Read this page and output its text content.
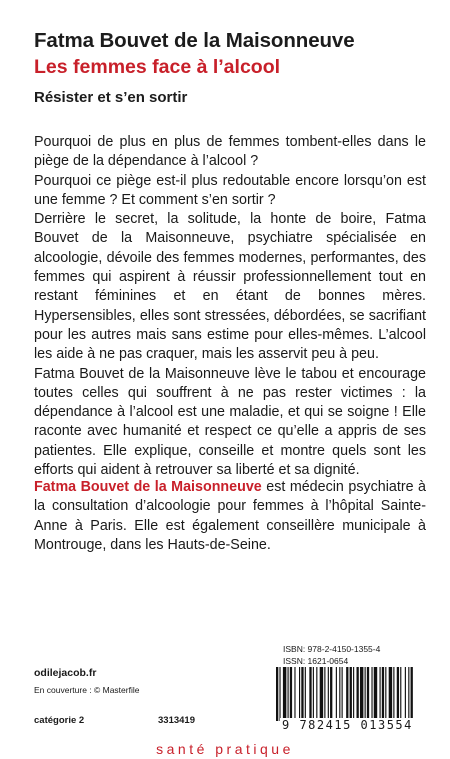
Fatma Bouvet de la Maisonneuve
Les femmes face à l’alcool
Résister et s’en sortir

Pourquoi de plus en plus de femmes tombent-elles dans le piège de la dépendance à l’alcool ?

Pourquoi ce piège est-il plus redoutable encore lorsqu’on est une femme ? Et comment s’en sortir ?

Derrière le secret, la solitude, la honte de boire, Fatma Bouvet de la Maisonneuve, psychiatre spécialisée en alcoologie, dévoile des femmes modernes, performantes, des femmes qui aspirent à réussir professionnellement tout en restant féminines et en étant de bonnes mères. Hypersensibles, elles sont stressées, débordées, se sacrifiant pour les autres mais sans estime pour elles-mêmes. L’alcool les aide à ne pas craquer, mais les asservit peu à peu.

Fatma Bouvet de la Maisonneuve lève le tabou et encourage toutes celles qui souffrent à ne pas rester victimes : la dépendance à l’alcool est une maladie, et qui se soigne ! Elle raconte avec humanité et respect ce qu’elle a appris de ses patientes. Elle explique, conseille et montre quels sont les efforts qui aident à retrouver sa liberté et sa dignité.

Fatma Bouvet de la Maisonneuve est médecin psychiatre à la consultation d’alcoologie pour femmes à l’hôpital Sainte-Anne à Paris. Elle est également conseillère municipale à Montrouge, dans les Hauts-de-Seine.

ISBN: 978-2-4150-1355-4
ISSN: 1621-0654
9 782415 013554
odilejacob.fr
En couverture : © Masterfile
catégorie 2	3313419
santé pratique
